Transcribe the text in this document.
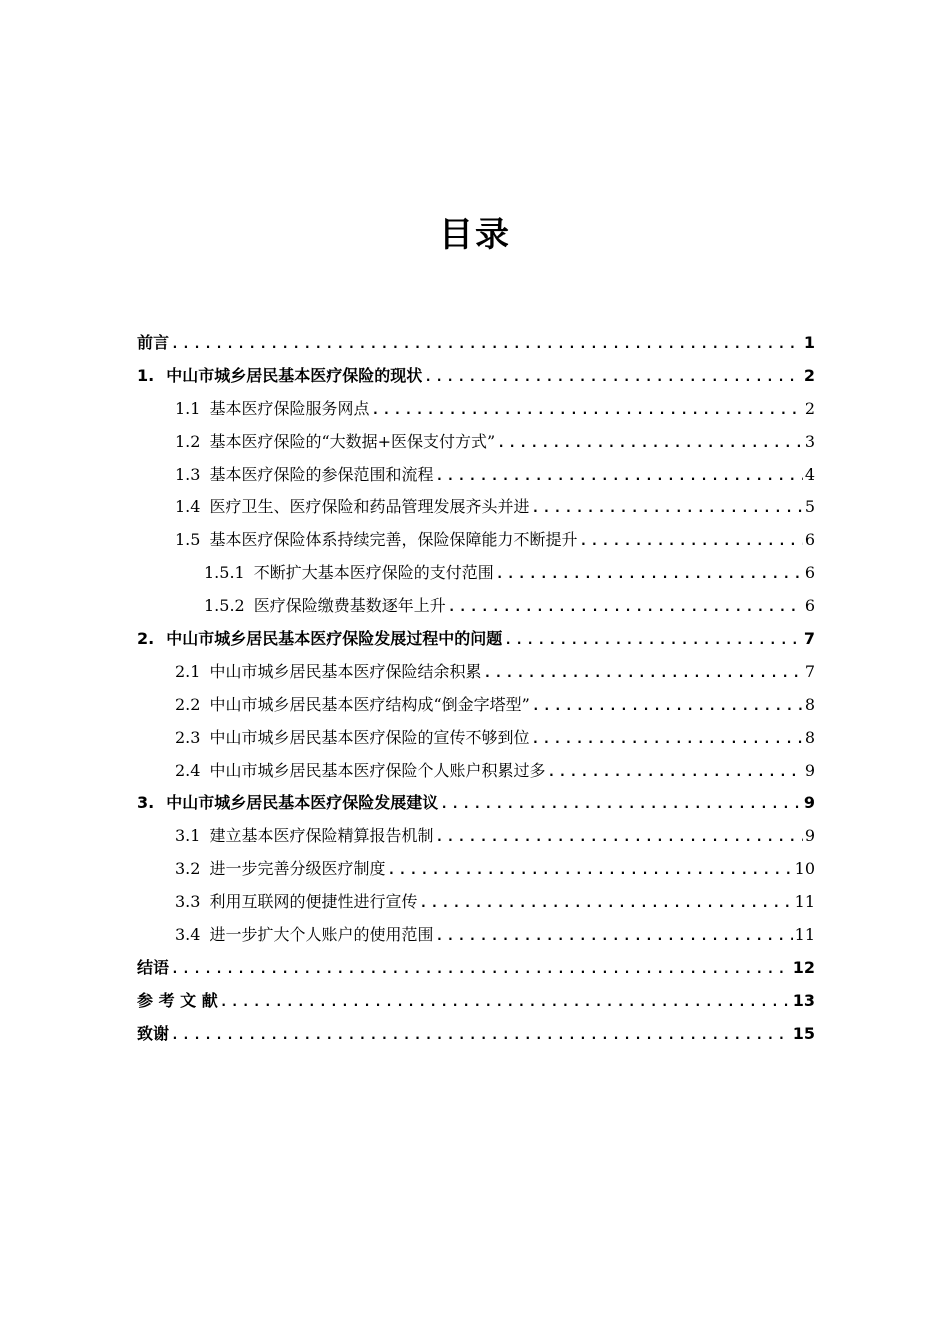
目录
前言 .....	1
1. 中山市城乡居民基本医疗保险的现状 .....	2
1.1 基本医疗保险服务网点 .....	2
1.2 基本医疗保险的“大数据+医保支付方式” .....	3
1.3 基本医疗保险的参保范围和流程 .....	4
1.4 医疗卫生、医疗保险和药品管理发展齐头并进 .....	5
1.5 基本医疗保险体系持续完善，保险保障能力不断提升 .....	6
1.5.1 不断扩大基本医疗保险的支付范围 .....	6
1.5.2 医疗保险缴费基数逐年上升 .....	6
2. 中山市城乡居民基本医疗保险发展过程中的问题 .....	7
2.1 中山市城乡居民基本医疗保险结余积累 .....	7
2.2 中山市城乡居民基本医疗结构成“倒金字塔型” .....	8
2.3 中山市城乡居民基本医疗保险的宣传不够到位 .....	8
2.4 中山市城乡居民基本医疗保险个人账户积累过多 .....	9
3. 中山市城乡居民基本医疗保险发展建议 .....	9
3.1 建立基本医疗保险精算报告机制 .....	9
3.2 进一步完善分级医疗制度 .....	10
3.3 利用互联网的便捷性进行宣传 .....	11
3.4 进一步扩大个人账户的使用范围 .....	11
结语 .....	12
参 考 文 献 .....	13
致谢 .....	15
